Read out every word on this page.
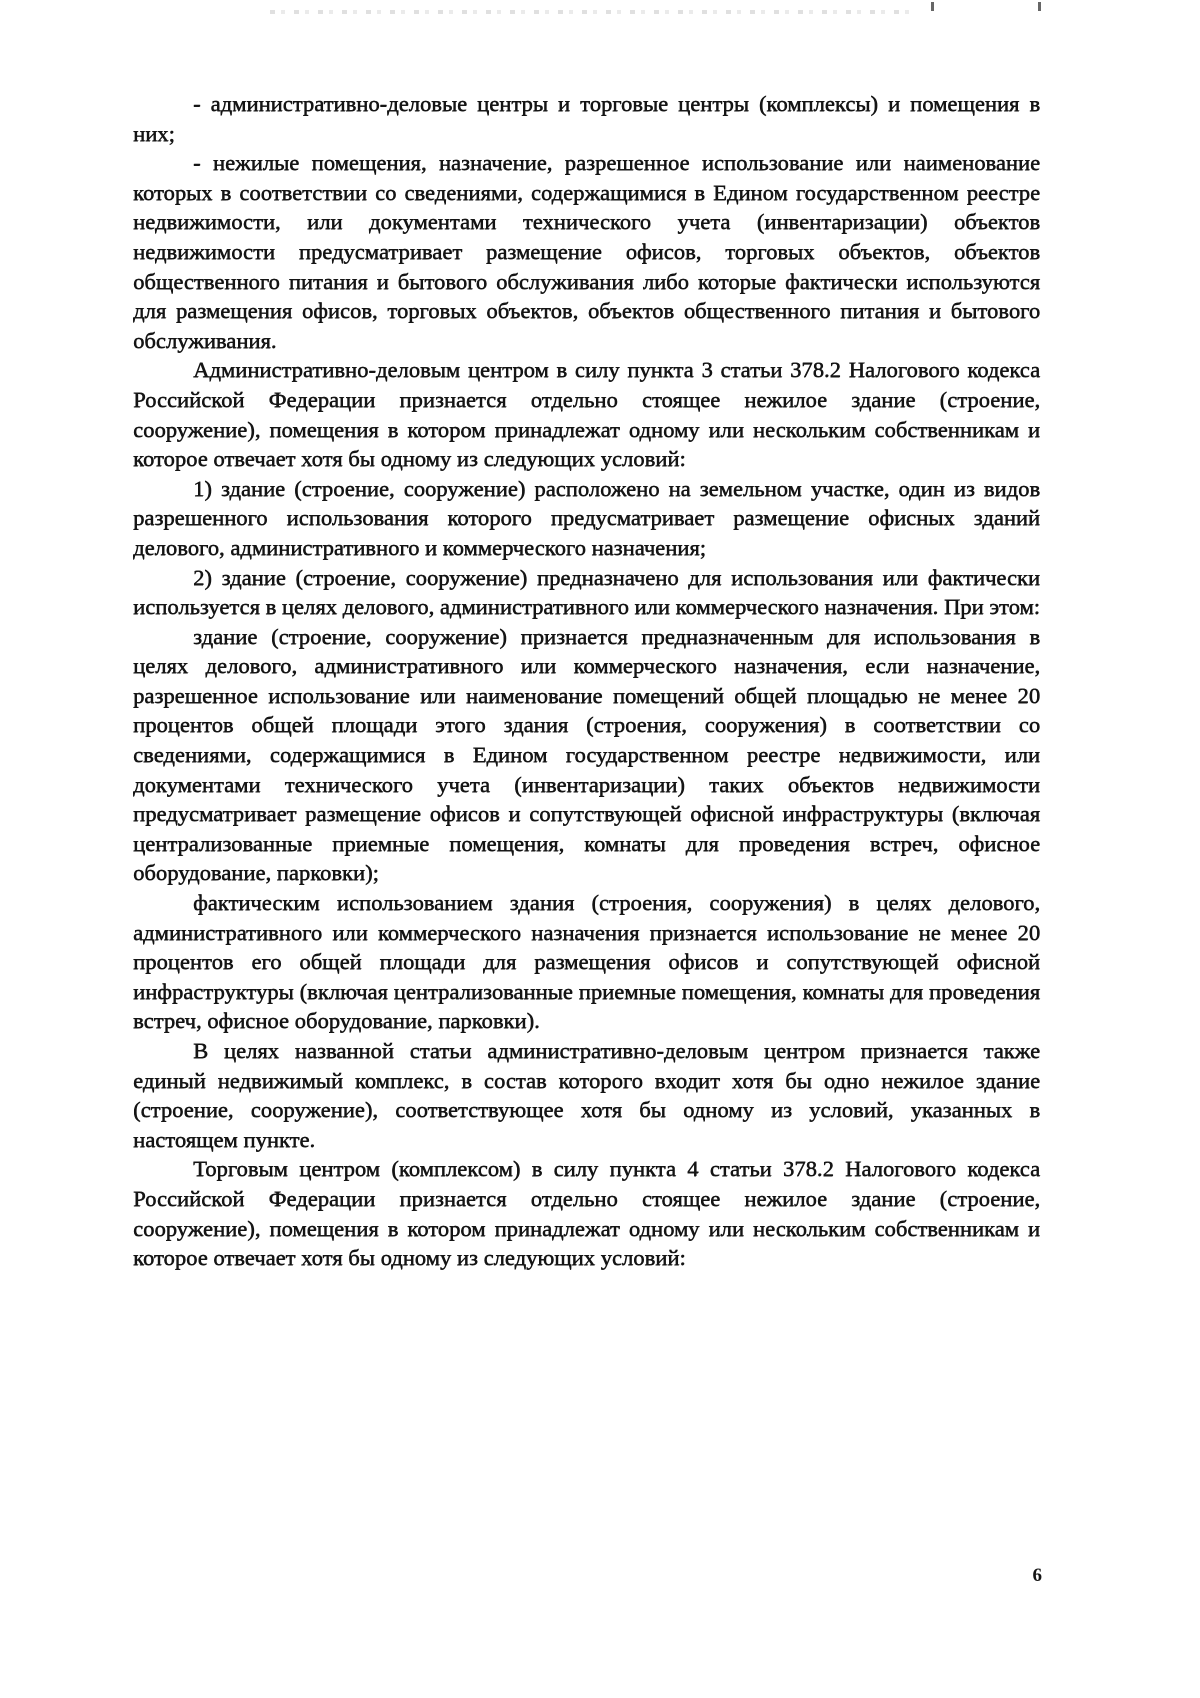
- административно-деловые центры и торговые центры (комплексы) и помещения в них;

- нежилые помещения, назначение, разрешенное использование или наименование которых в соответствии со сведениями, содержащимися в Едином государственном реестре недвижимости, или документами технического учета (инвентаризации) объектов недвижимости предусматривает размещение офисов, торговых объектов, объектов общественного питания и бытового обслуживания либо которые фактически используются для размещения офисов, торговых объектов, объектов общественного питания и бытового обслуживания.

Административно-деловым центром в силу пункта 3 статьи 378.2 Налогового кодекса Российской Федерации признается отдельно стоящее нежилое здание (строение, сооружение), помещения в котором принадлежат одному или нескольким собственникам и которое отвечает хотя бы одному из следующих условий:

1) здание (строение, сооружение) расположено на земельном участке, один из видов разрешенного использования которого предусматривает размещение офисных зданий делового, административного и коммерческого назначения;

2) здание (строение, сооружение) предназначено для использования или фактически используется в целях делового, административного или коммерческого назначения. При этом:

здание (строение, сооружение) признается предназначенным для использования в целях делового, административного или коммерческого назначения, если назначение, разрешенное использование или наименование помещений общей площадью не менее 20 процентов общей площади этого здания (строения, сооружения) в соответствии со сведениями, содержащимися в Едином государственном реестре недвижимости, или документами технического учета (инвентаризации) таких объектов недвижимости предусматривает размещение офисов и сопутствующей офисной инфраструктуры (включая централизованные приемные помещения, комнаты для проведения встреч, офисное оборудование, парковки);

фактическим использованием здания (строения, сооружения) в целях делового, административного или коммерческого назначения признается использование не менее 20 процентов его общей площади для размещения офисов и сопутствующей офисной инфраструктуры (включая централизованные приемные помещения, комнаты для проведения встреч, офисное оборудование, парковки).

В целях названной статьи административно-деловым центром признается также единый недвижимый комплекс, в состав которого входит хотя бы одно нежилое здание (строение, сооружение), соответствующее хотя бы одному из условий, указанных в настоящем пункте.

Торговым центром (комплексом) в силу пункта 4 статьи 378.2 Налогового кодекса Российской Федерации признается отдельно стоящее нежилое здание (строение, сооружение), помещения в котором принадлежат одному или нескольким собственникам и которое отвечает хотя бы одному из следующих условий:

6
